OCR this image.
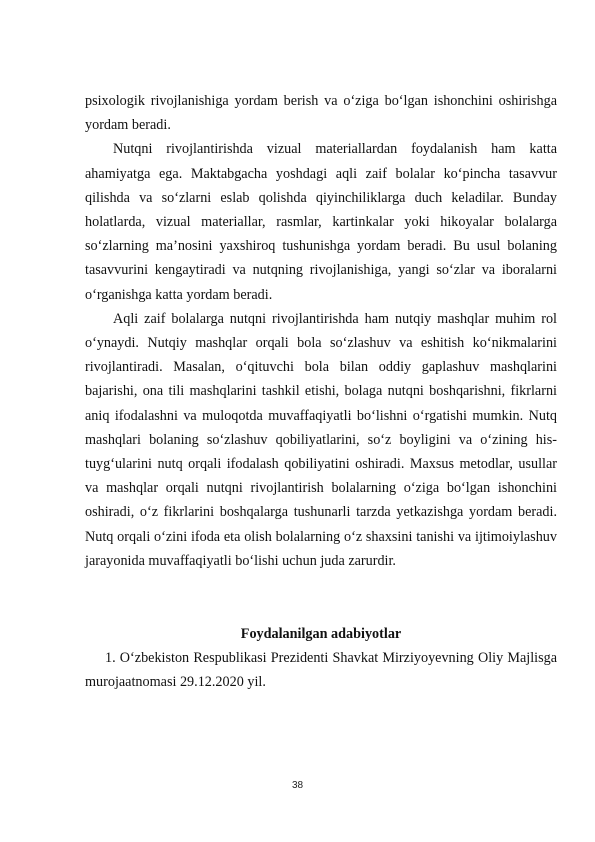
psixologik rivojlanishiga yordam berish va o‘ziga bo‘lgan ishonchini oshirishga yordam beradi.

Nutqni rivojlantirishda vizual materiallardan foydalanish ham katta ahamiyatga ega. Maktabgacha yoshdagi aqli zaif bolalar ko‘pincha tasavvur qilishda va so‘zlarni eslab qolishda qiyinchiliklarga duch keladilar. Bunday holatlarda, vizual materiallar, rasmlar, kartinkalar yoki hikoyalar bolalarga so‘zlarning ma’nosini yaxshiroq tushunishga yordam beradi. Bu usul bolaning tasavvurini kengaytiradi va nutqning rivojlanishiga, yangi so‘zlar va iboralarni o‘rganishga katta yordam beradi.

Aqli zaif bolalarga nutqni rivojlantirishda ham nutqiy mashqlar muhim rol o‘ynaydi. Nutqiy mashqlar orqali bola so‘zlashuv va eshitish ko‘nikmalarini rivojlantiradi. Masalan, o‘qituvchi bola bilan oddiy gaplashuv mashqlarini bajarishi, ona tili mashqlarini tashkil etishi, bolaga nutqni boshqarishni, fikrlarni aniq ifodalashni va muloqotda muvaffaqiyatli bo‘lishni o‘rgatishi mumkin. Nutq mashqlari bolaning so‘zlashuv qobiliyatlarini, so‘z boyligini va o‘zining his-tuyg‘ularini nutq orqali ifodalash qobiliyatini oshiradi. Maxsus metodlar, usullar va mashqlar orqali nutqni rivojlantirish bolalarning o‘ziga bo‘lgan ishonchini oshiradi, o‘z fikrlarini boshqalarga tushunarli tarzda yetkazishga yordam beradi. Nutq orqali o‘zini ifoda eta olish bolalarning o‘z shaxsini tanishi va ijtimoiylashuv jarayonida muvaffaqiyatli bo‘lishi uchun juda zarurdir.

Foydalanilgan adabiyotlar

1. O‘zbekiston Respublikasi Prezidenti Shavkat Mirziyoyevning Oliy Majlisga murojaatnomasi 29.12.2020 yil.

38
